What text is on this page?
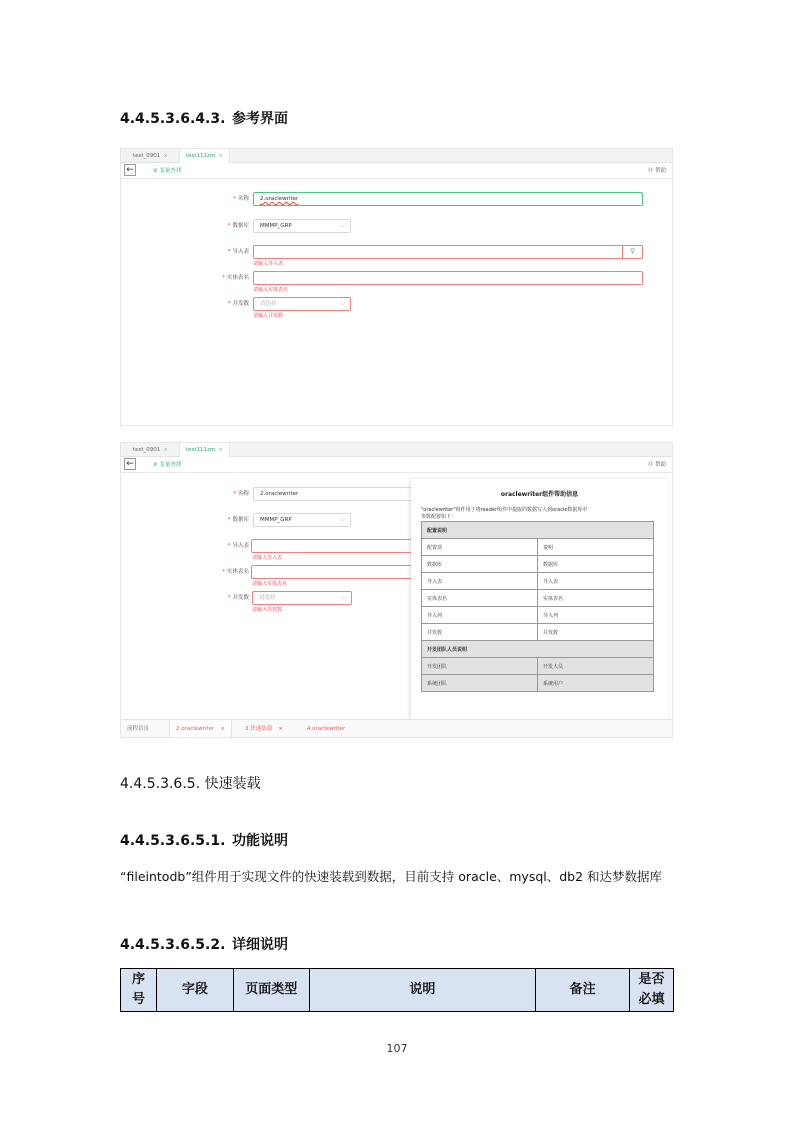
4.4.5.3.6.4.3. 参考界面
test_0901 ×	test111zm ×
←	⊘ 变量查找	⓪ 帮助
* 名称	2.oraclewriter
* 数据库	MMMP_GRP	⌵
* 导入表	⚲
请输入导入表
* 实体表名
请输入实体表名
* 并发数	请选择	⌵
请输入并发数
test_0901 ×	test111zm ×
←	⊘ 变量查找	⓪ 帮助
* 名称	2.oraclewriter
* 数据库	MMMP_GRP	⌵
* 导入表
请输入导入表
* 实体表名
请输入实体表名
* 并发数	请选择	⌵
请输入并发数
oraclewriter组件帮助信息
"oraclewriter"组件用于将reader组件中提取的数据写入到oracle数据库中
参数配置如下：
配置说明	
配置项	说明
数据库	数据库
导入表	导入表
实体表名	实体表名
导入列	导入列
并发数	并发数
开发团队人员说明	
开发团队	开发人员
系统团队	系统用户
流程首页	2.oraclewriter ×	3.快速装载 ×	4.oraclewriter
4.4.5.3.6.5. 快速装载
4.4.5.3.6.5.1. 功能说明
“fileintodb”组件用于实现文件的快速装载到数据，目前支持 oracle、mysql、db2 和达梦数据库
4.4.5.3.6.5.2. 详细说明
序号	字段	页面类型	说明	备注	是否必填
107
